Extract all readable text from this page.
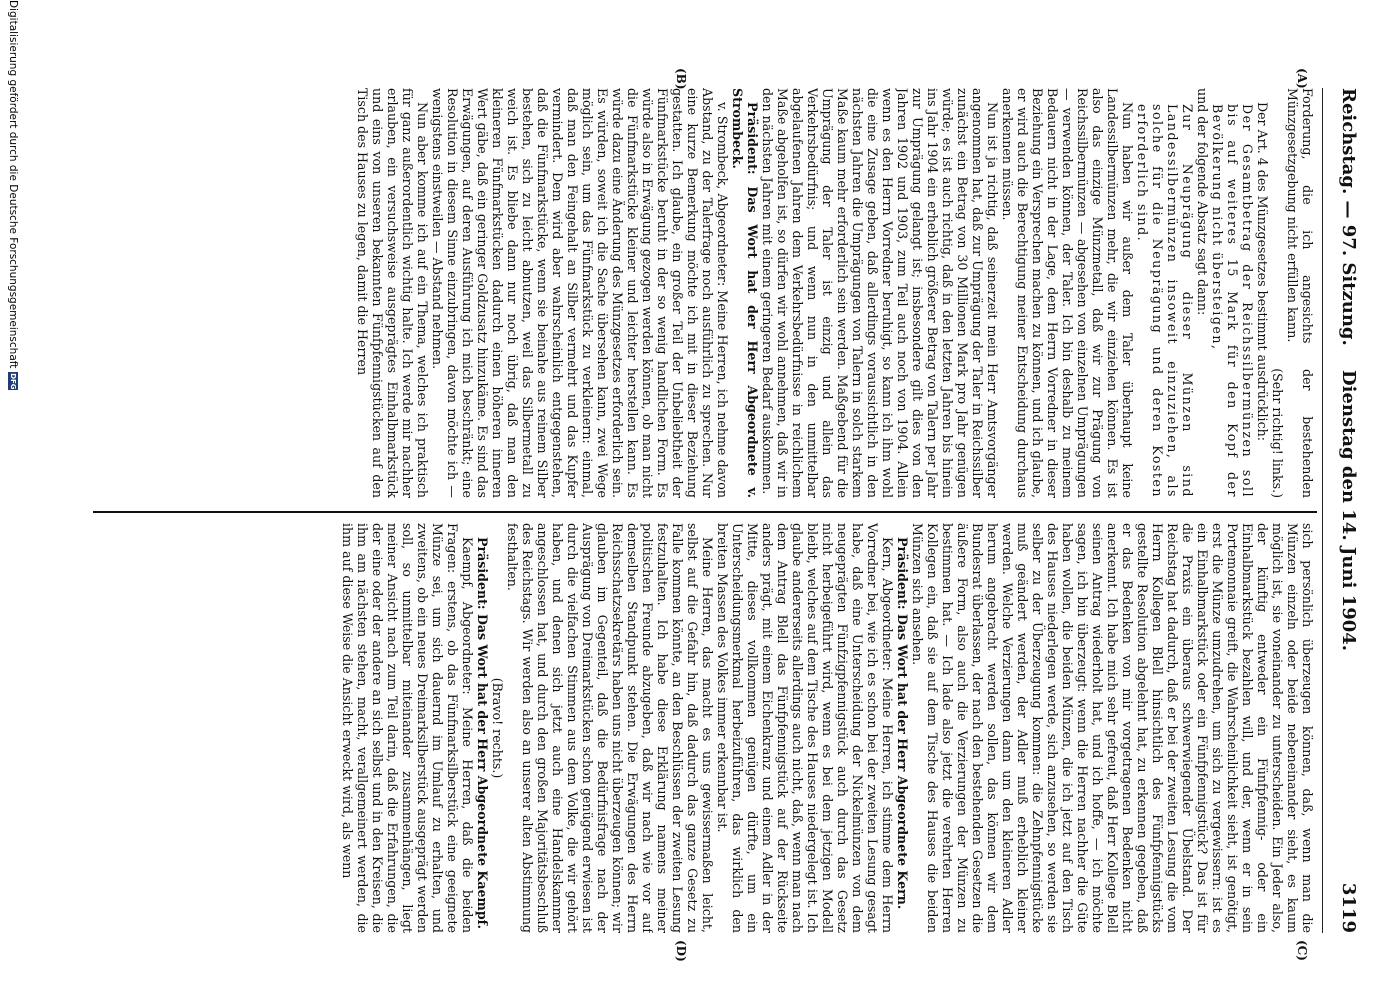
Reichstag. — 97. Sitzung.
Dienstag den 14. Juni 1904.
3119
(A)
(B)
(C)
(D)

Forderung, die ich angesichts der bestehenden Münzgesetzgebung nicht erfüllen kann.

(Sehr richtig! links.)

Der Art. 4 des Münzgesetzes bestimmt ausdrücklich:

Der Gesamtbetrag der Reichssilbermünzen soll bis auf weiteres 15 Mark für den Kopf der Bevölkerung nicht übersteigen,

und der folgende Absatz sagt dann:

Zur Neuprägung dieser Münzen sind Landessilbermünzen insoweit einzuziehen, als solche für die Neuprägung und deren Kosten erforderlich sind.

Nun haben wir außer dem Taler überhaupt keine Landessilbermünzen mehr, die wir einziehen können. Es ist also das einzige Münzmetall, daß wir zur Prägung von Reichssilbermünzen — abgesehen von einzelnen Umprägungen — verwenden können, der Taler. Ich bin deshalb zu meinem Bedauern nicht in der Lage, dem Herrn Vorredner in dieser Beziehung ein Versprechen machen zu können, und ich glaube, er wird auch die Berechtigung meiner Entscheidung durchaus anerkennen müssen.

Nun ist ja richtig, daß seinerzeit mein Herr Amtsvorgänger angenommen hat, daß zur Umprägung der Taler in Reichssilber zunächst ein Betrag von 30 Millionen Mark pro Jahr genügen würde; es ist auch richtig, daß in den letzten Jahren bis hinein ins Jahr 1904 ein erheblich größerer Betrag von Talern per Jahr zur Umprägung gelangt ist; insbesondere gilt dies von den Jahren 1902 und 1903, zum Teil auch noch von 1904. Allein wenn es den Herrn Vorredner beruhigt, so kann ich ihm wohl die eine Zusage geben, daß allerdings voraussichtlich in den nächsten Jahren die Umprägungen von Talern in solch starkem Maße kaum mehr erforderlich sein werden. Maßgebend für die Umprägung der Taler ist einzig und allein das Verkehrsbedürfnis; und wenn nun in den unmittelbar abgelaufenen Jahren dem Verkehrsbedürfnisse in reichlichem Maße abgeholfen ist, so dürfen wir wohl annehmen, daß wir in den nächsten Jahren mit einem geringeren Bedarf auskommen.

Präsident: Das Wort hat der Herr Abgeordnete v. Strombeck.

v. Strombeck, Abgeordneter: Meine Herren, ich nehme davon Abstand, zu der Talerfrage noch ausführlich zu sprechen. Nur eine kurze Bemerkung möchte ich mit in dieser Beziehung gestatten. Ich glaube, ein großer Teil der Unbeliebtheit der Fünfmarkstücke beruht in der so wenig handlichen Form. Es würde also in Erwägung gezogen werden können, ob man nicht die Fünfmarkstücke kleiner und leichter herstellen kann. Es würde dazu eine Änderung des Münzgesetzes erforderlich sein. Es würden, soweit ich die Sache übersehen kann, zwei Wege möglich sein, um das Fünfmarkstück zu verkleinern: einmal, daß man den Feingehalt an Silber vermehrt und das Kupfer vermindert. Dem wird aber wahrscheinlich entgegenstehen, daß die Fünfmarkstücke, wenn sie beinahe aus reinem Silber bestehen, sich zu leicht abnutzen, weil das Silbermetall zu weich ist. Es bliebe dann nur noch übrig, daß man den kleineren Fünfmarkstücken dadurch einen höheren inneren Wert gäbe, daß ein geringer Goldzusatz hinzukäme. Es sind das Erwägungen, auf deren Ausführung ich mich beschränkt; eine Resolution in diesem Sinne einzubringen, davon möchte ich — wenigstens einstweilen — Abstand nehmen.

Nun aber komme ich auf ein Thema, welches ich praktisch für ganz außerordentlich wichtig halte. Ich werde mir nachher erlauben, ein versuchsweise ausgeprägtes Einhalbmarkstück und eins von unseren bekannten Fünfpfennigstücken auf den Tisch des Hauses zu legen, damit die Herren

sich persönlich überzeugen können, daß, wenn man die Münzen einzeln oder beide nebeneinander sieht, es kaum möglich ist, sie voneinander zu unterscheiden. Ein Jeder also, der künftig entweder ein Fünfpfennig- oder ein Einhalbmarkstück bezahlen will, und der, wenn er in sein Portemonnaie greift, die Wahrscheinlichkeit sieht, ist genötigt, erst die Münze umzudrehen, um sich zu vergewissern: ist es ein Einhalbmarkstück oder ein Fünfpfennigstück? Das ist für die Praxis ein überaus schwerwiegender Übelstand. Der Reichstag hat dadurch, daß er bei der zweiten Lesung die vom Herrn Kollegen Blell hinsichtlich des Fünfpfennigstücks gestellte Resolution abgelehnt hat, zu erkennen gegeben, daß er das Bedenken von mir vorgetragenen Bedenken nicht anerkennt. Ich habe mich sehr gefreut, daß Herr Kollege Blell seinen Antrag wiederholt hat, und ich hoffe, — ich möchte sagen, ich bin überzeugt: wenn die Herren nachher die Güte haben wollen, die beiden Münzen, die ich jetzt auf den Tisch des Hauses niederlegen werde, sich anzusehen, so werden sie selber zu der Überzeugung kommen: die Zehnpfennigstücke muß geändert werden, der Adler muß erheblich kleiner werden. Welche Verzierungen dann um den kleineren Adler herum angebracht werden sollen, das können wir dem Bundesrat überlassen, der nach den bestehenden Gesetzen die äußere Form, also auch die Verzierungen der Münzen zu bestimmen hat. — Ich lade also jetzt die verehrten Herren Kollegen ein, daß sie auf dem Tische des Hauses die beiden Münzen sich ansehen.

Präsident: Das Wort hat der Herr Abgeordnete Kern.

Kern, Abgeordneter: Meine Herren, ich stimme dem Herrn Vorredner bei, wie ich es schon bei der zweiten Lesung gesagt habe, daß eine Unterscheidung der Nickelmünzen von dem neugeprägten Fünfzigpfennigstück auch durch das Gesetz nicht herbeigeführt wird, wenn es bei dem jetzigen Modell bleibt, welches auf dem Tische des Hauses niedergelegt ist. Ich glaube andererseits allerdings auch nicht, daß, wenn man nach dem Antrag Blell das Fünfpfennigstück auf der Rückseite anders prägt, mit einem Eichenkranz und einem Adler in der Mitte, dieses vollkommen genügen dürfte, um ein Unterscheidungsmerkmal herbeizuführen, das wirklich den breiten Massen des Volkes immer erkennbar ist.

Meine Herren, das macht es uns gewissermaßen leicht, selbst auf die Gefahr hin, daß dadurch das ganze Gesetz zu Falle kommen könnte, an den Beschlüssen der zweiten Lesung festzuhalten. Ich habe diese Erklärung namens meiner politischen Freunde abzugeben, daß wir nach wie vor auf demselben Standpunkt stehen. Die Erwägungen des Herrn Reichsschatzsekretärs haben uns nicht überzeugen können; wir glauben im Gegenteil, daß die Bedürfnisfrage nach der Ausprägung von Dreimarkstücken schon genügend erwiesen ist durch die vielfachen Stimmen aus dem Volke, die wir gehört haben, und denen sich jetzt auch eine Handelskammer angeschlossen hat, und durch den großen Majoritätsbeschluß des Reichstags. Wir werden also an unserer alten Abstimmung festhalten.

(Bravo! rechts.)

Präsident: Das Wort hat der Herr Abgeordnete Kaempf.

Kaempf, Abgeordneter: Meine Herren, daß die beiden Fragen: erstens, ob das Fünfmarksilberstück eine geeignete Münze sei, um sich dauernd im Umlauf zu erhalten, und zweitens, ob ein neues Dreimarksilberstück ausgeprägt werden soll, so unmittelbar miteinander zusammenhängen, liegt meiner Ansicht nach zum Teil darin, daß die Erfahrungen, die der eine oder der andere an sich selbst und in den Kreisen, die ihm am nächsten stehen, macht, verallgemeinert werden, die ihm auf diese Weise die Ansicht erweckt wird, als wenn

Digitalisierung gefördert durch die Deutsche ForschungsgemeinschaftDFG
